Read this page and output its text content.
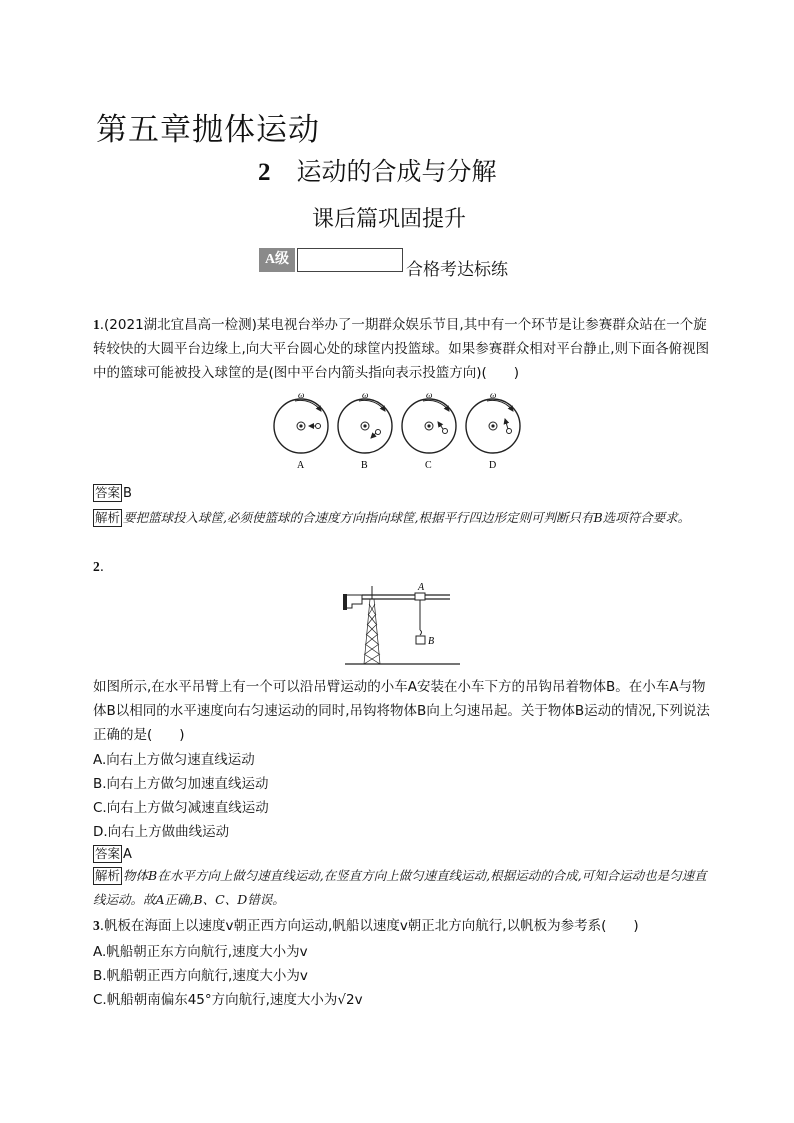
第五章抛体运动
2 运动的合成与分解
课后篇巩固提升
A级
合格考达标练
1.(2021湖北宜昌高一检测)某电视台举办了一期群众娱乐节目,其中有一个环节是让参赛群众站在一个旋转较快的大圆平台边缘上,向大平台圆心处的球筐内投篮球。如果参赛群众相对平台静止,则下面各俯视图中的篮球可能被投入球筐的是(图中平台内箭头指向表示投篮方向)(　　)
ω
A
ω
B
ω
C
ω
D
答案 B
解析 要把篮球投入球筐,必须使篮球的合速度方向指向球筐,根据平行四边形定则可判断只有B选项符合要求。
2.
A
B
如图所示,在水平吊臂上有一个可以沿吊臂运动的小车A安装在小车下方的吊钩吊着物体B。在小车A与物体B以相同的水平速度向右匀速运动的同时,吊钩将物体B向上匀速吊起。关于物体B运动的情况,下列说法正确的是(　　)
A.向右上方做匀速直线运动
B.向右上方做匀加速直线运动
C.向右上方做匀减速直线运动
D.向右上方做曲线运动
答案 A
解析 物体B在水平方向上做匀速直线运动,在竖直方向上做匀速直线运动,根据运动的合成,可知合运动也是匀速直线运动。故A正确,B、C、D错误。
3.帆板在海面上以速度v朝正西方向运动,帆船以速度v朝正北方向航行,以帆板为参考系(　　)
A.帆船朝正东方向航行,速度大小为v
B.帆船朝正西方向航行,速度大小为v
C.帆船朝南偏东45°方向航行,速度大小为√2v
